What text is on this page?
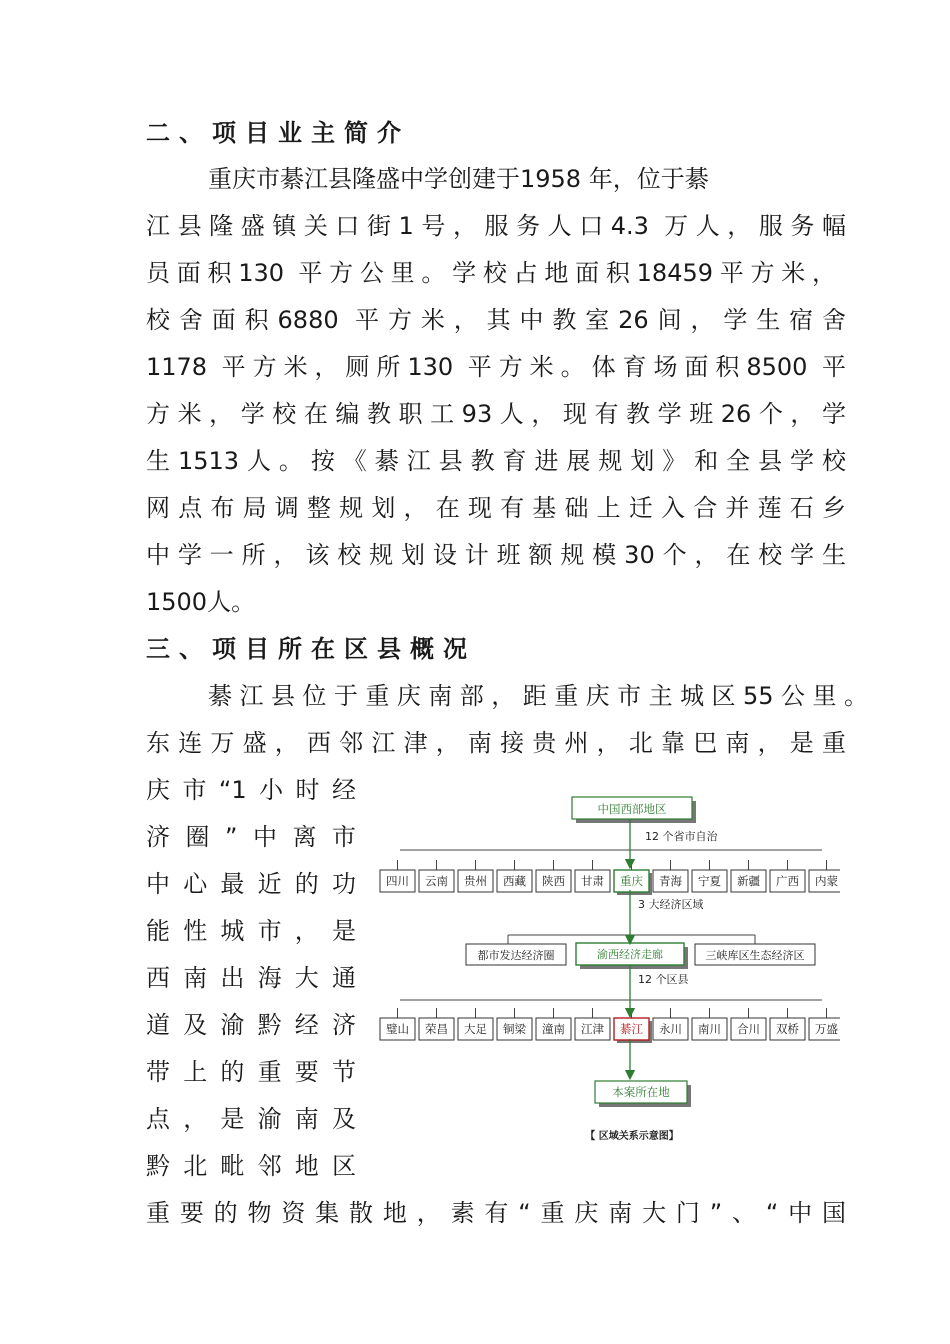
二、项目业主简介
重庆市綦江县隆盛中学创建于1958 年，位于綦
江县隆盛镇关口街1号，服务人口4.3 万人，服务幅
员面积130 平方公里。学校占地面积18459平方米，
校舍面积6880 平方米，其中教室26间，学生宿舍
1178 平方米，厕所130 平方米。体育场面积8500 平
方米，学校在编教职工93人，现有教学班26个，学
生1513人。按《綦江县教育进展规划》和全县学校
网点布局调整规划，在现有基础上迁入合并莲石乡
中学一所，该校规划设计班额规模30个，在校学生
1500人。
三、项目所在区县概况
綦江县位于重庆南部，距重庆市主城区55公里。
东连万盛，西邻江津，南接贵州，北靠巴南，是重
庆市“1小时经
济圈”中离市
中心最近的功
能性城市，是
西南出海大通
道及渝黔经济
带上的重要节
点，是渝南及
黔北毗邻地区
重要的物资集散地，素有“重庆南大门”、“中国
中国西部地区
12 个省市自治
四川 云南 贵州 西藏 陕西 甘肃 重庆 青海 宁夏 新疆 广西 内蒙
3 大经济区域
都市发达经济圈	渝西经济走廊	三峡库区生态经济区
12 个区县
璧山 荣昌 大足 铜梁 潼南 江津 綦江 永川 南川 合川 双桥 万盛
本案所在地
【 区域关系示意图】
